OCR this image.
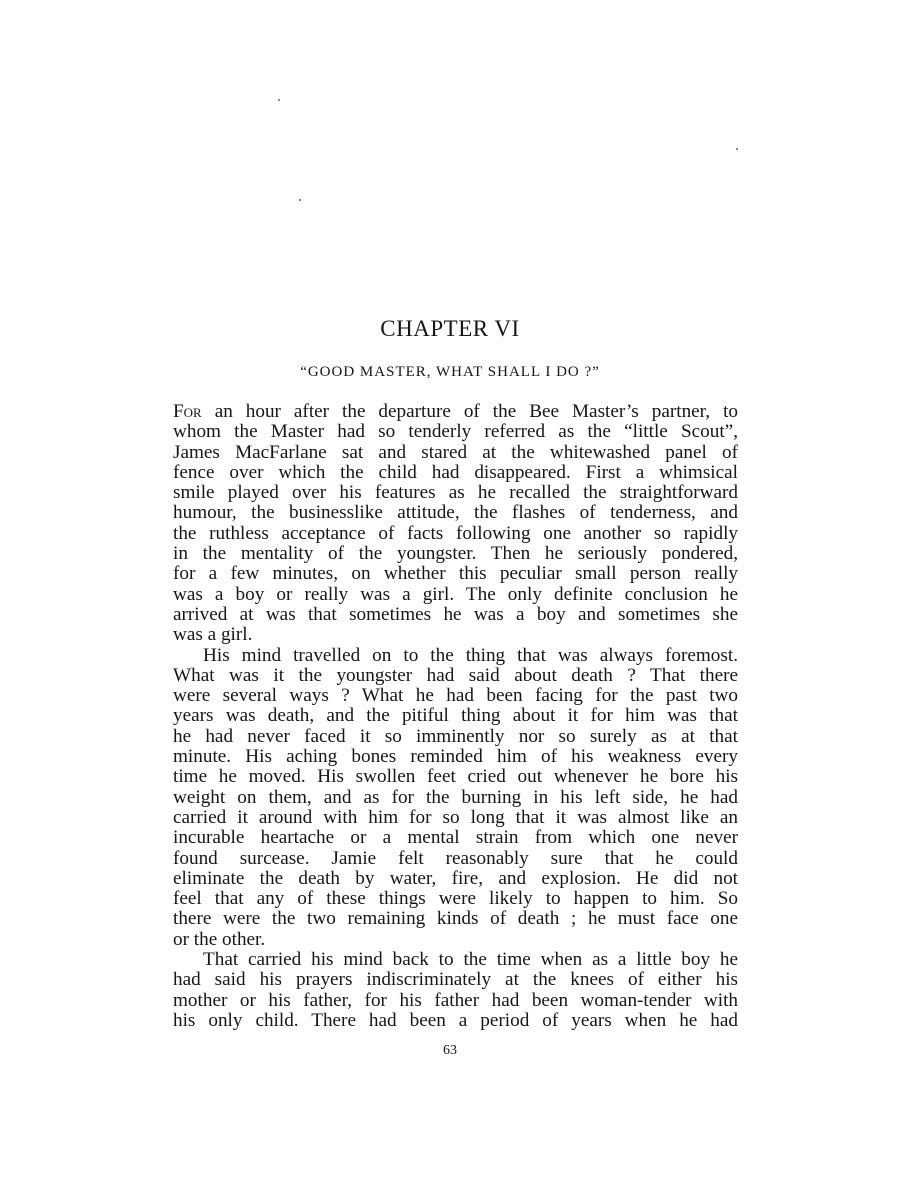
CHAPTER VI

“GOOD MASTER, WHAT SHALL I DO ?”

For an hour after the departure of the Bee Master’s partner, to
whom the Master had so tenderly referred as the “little Scout”,
James MacFarlane sat and stared at the whitewashed panel of
fence over which the child had disappeared. First a whimsical
smile played over his features as he recalled the straightforward
humour, the businesslike attitude, the flashes of tenderness, and
the ruthless acceptance of facts following one another so rapidly
in the mentality of the youngster. Then he seriously pondered,
for a few minutes, on whether this peculiar small person really
was a boy or really was a girl. The only definite conclusion he
arrived at was that sometimes he was a boy and sometimes she
was a girl.
His mind travelled on to the thing that was always foremost.
What was it the youngster had said about death ? That there
were several ways ? What he had been facing for the past two
years was death, and the pitiful thing about it for him was that
he had never faced it so imminently nor so surely as at that
minute. His aching bones reminded him of his weakness every
time he moved. His swollen feet cried out whenever he bore his
weight on them, and as for the burning in his left side, he had
carried it around with him for so long that it was almost like an
incurable heartache or a mental strain from which one never
found surcease. Jamie felt reasonably sure that he could
eliminate the death by water, fire, and explosion. He did not
feel that any of these things were likely to happen to him. So
there were the two remaining kinds of death ; he must face one
or the other.
That carried his mind back to the time when as a little boy he
had said his prayers indiscriminately at the knees of either his
mother or his father, for his father had been woman-tender with
his only child. There had been a period of years when he had

63
